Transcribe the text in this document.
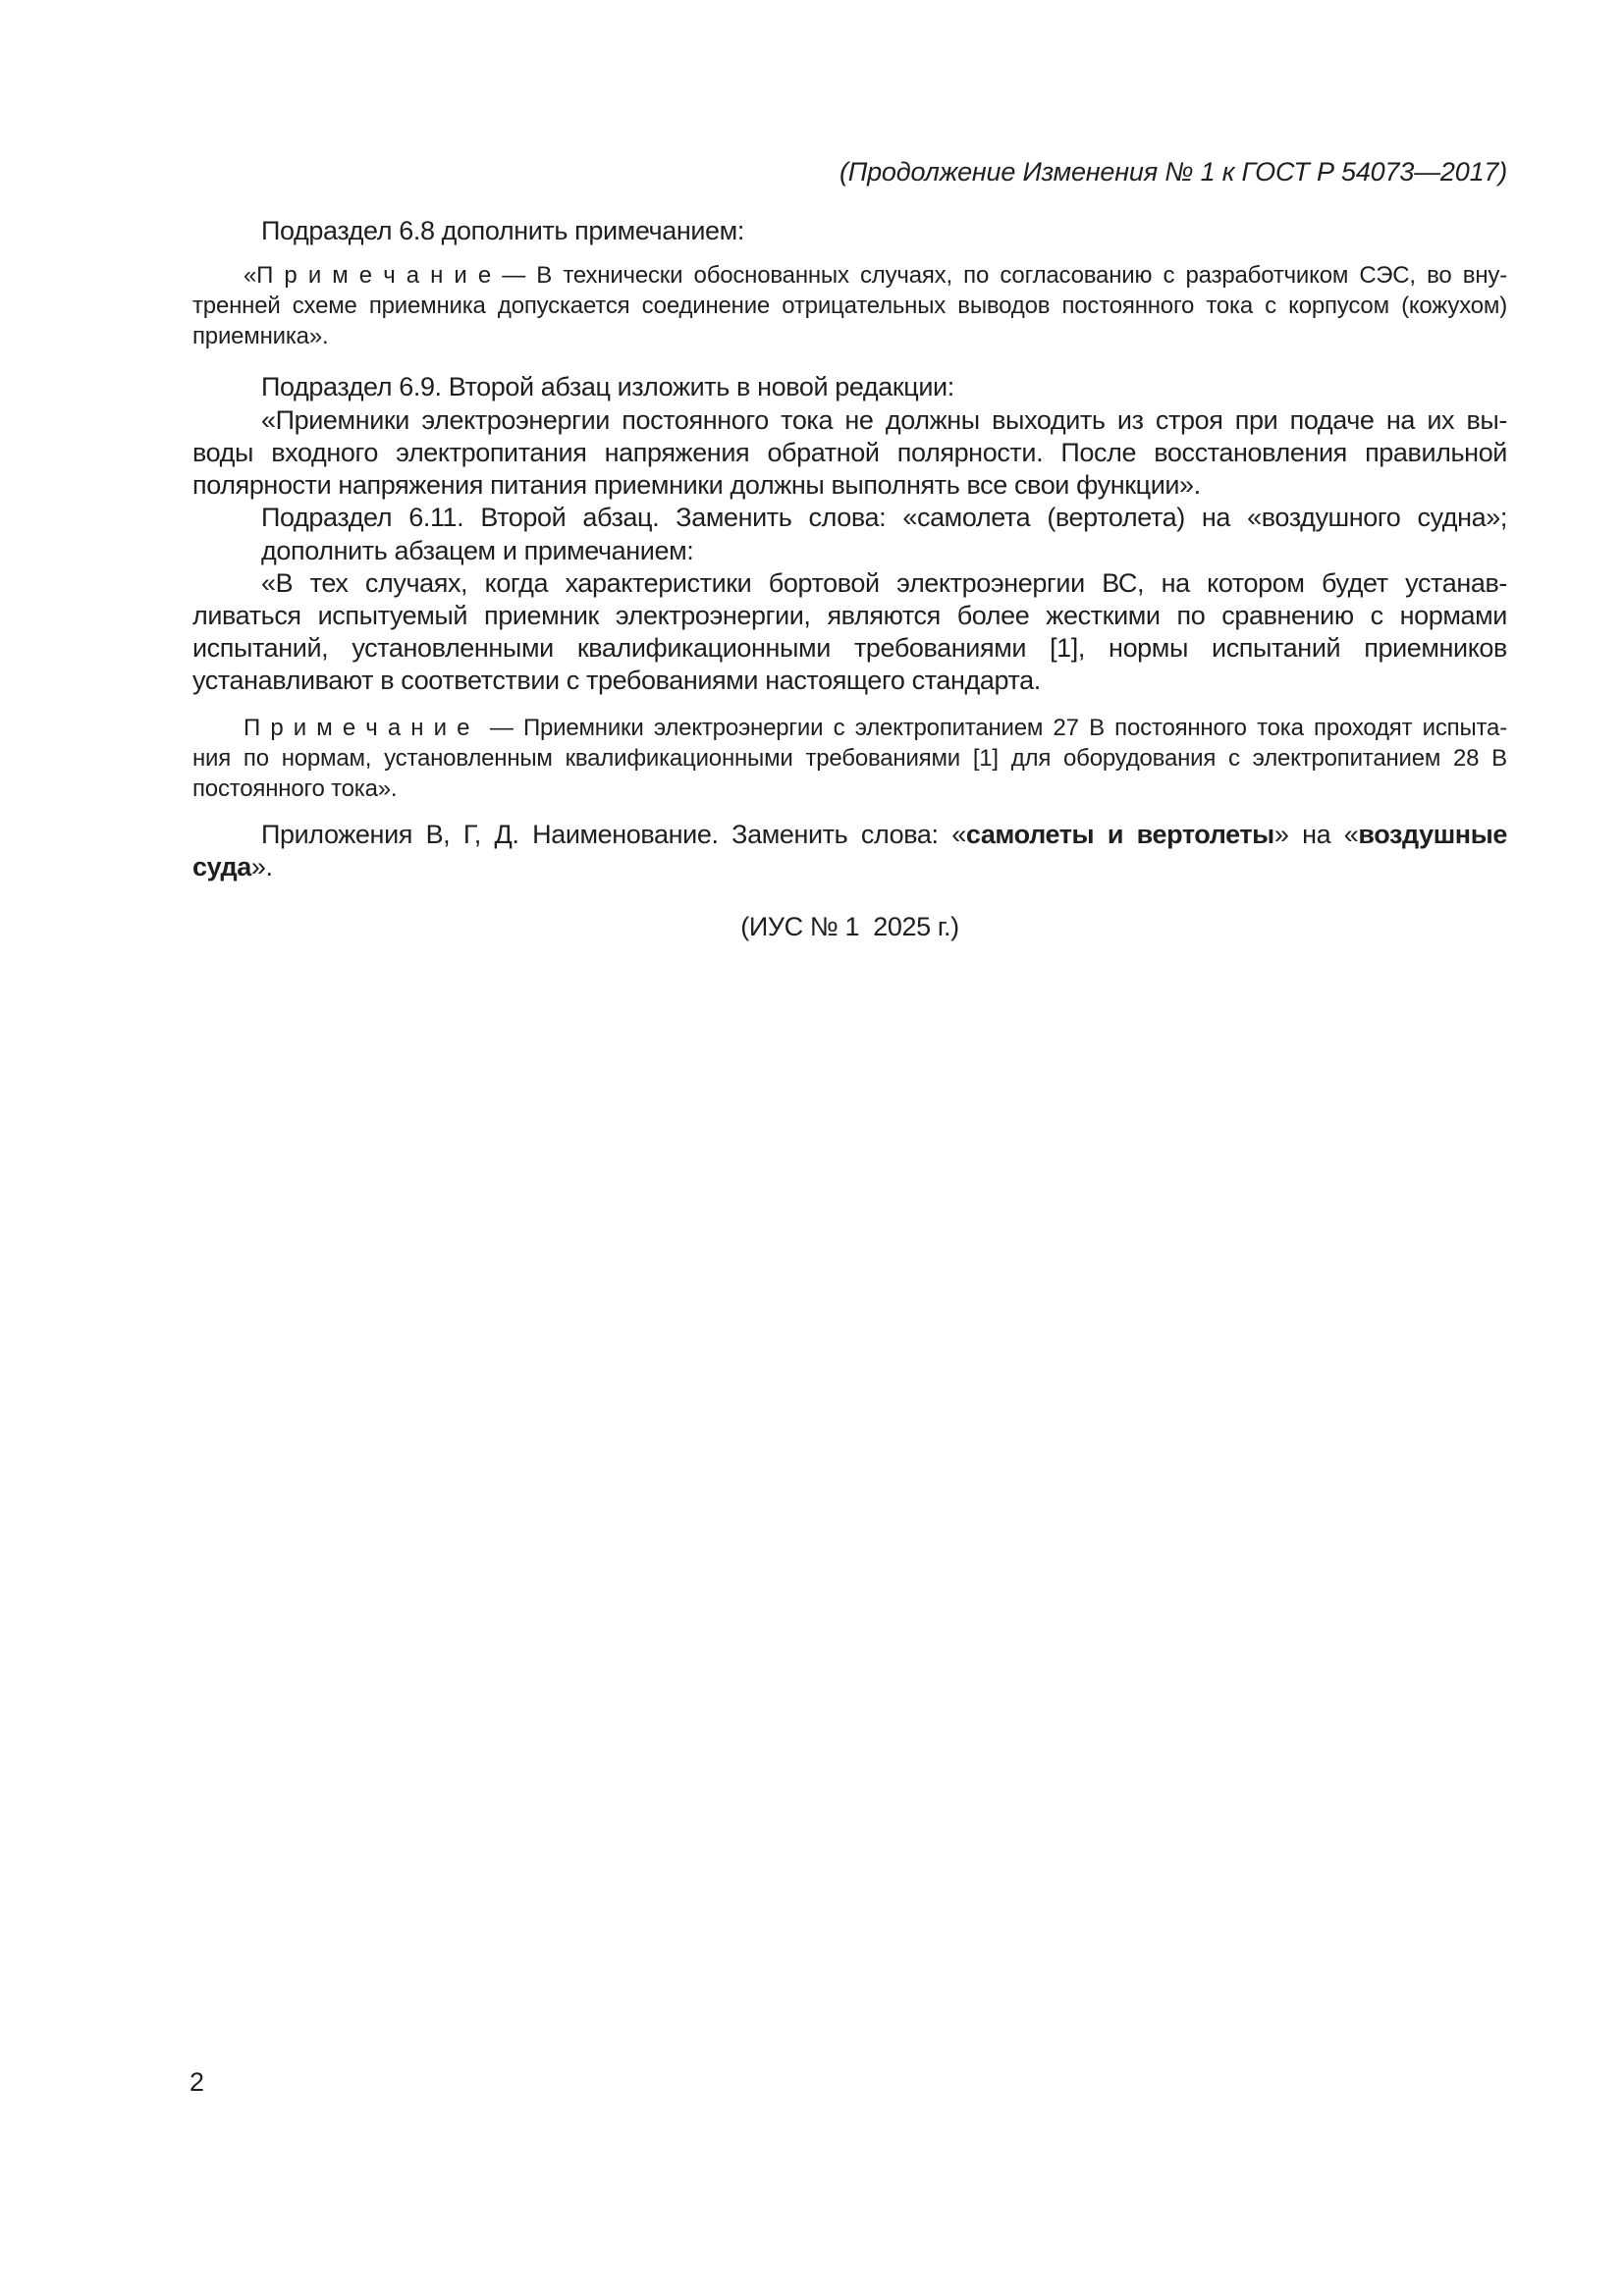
(Продолжение Изменения № 1 к ГОСТ Р 54073—2017)
Подраздел 6.8 дополнить примечанием:
«П р и м е ч а н и е — В технически обоснованных случаях, по согласованию с разработчиком СЭС, во вну-
тренней схеме приемника допускается соединение отрицательных выводов постоянного тока с корпусом (кожухом)
приемника».
Подраздел 6.9. Второй абзац изложить в новой редакции:
«Приемники электроэнергии постоянного тока не должны выходить из строя при подаче на их вы-
воды входного электропитания напряжения обратной полярности. После восстановления правильной
полярности напряжения питания приемники должны выполнять все свои функции».
Подраздел 6.11. Второй абзац. Заменить слова: «самолета (вертолета) на «воздушного судна»;
дополнить абзацем и примечанием:
«В тех случаях, когда характеристики бортовой электроэнергии ВС, на котором будет устанав-
ливаться испытуемый приемник электроэнергии, являются более жесткими по сравнению с нормами
испытаний, установленными квалификационными требованиями [1], нормы испытаний приемников
устанавливают в соответствии с требованиями настоящего стандарта.
П р и м е ч а н и е  — Приемники электроэнергии с электропитанием 27 В постоянного тока проходят испыта-
ния по нормам, установленным квалификационными требованиями [1] для оборудования с электропитанием 28 В
постоянного тока».
Приложения В, Г, Д. Наименование. Заменить слова: «самолеты и вертолеты» на «воздушные
суда».
(ИУС № 1  2025 г.)
2
